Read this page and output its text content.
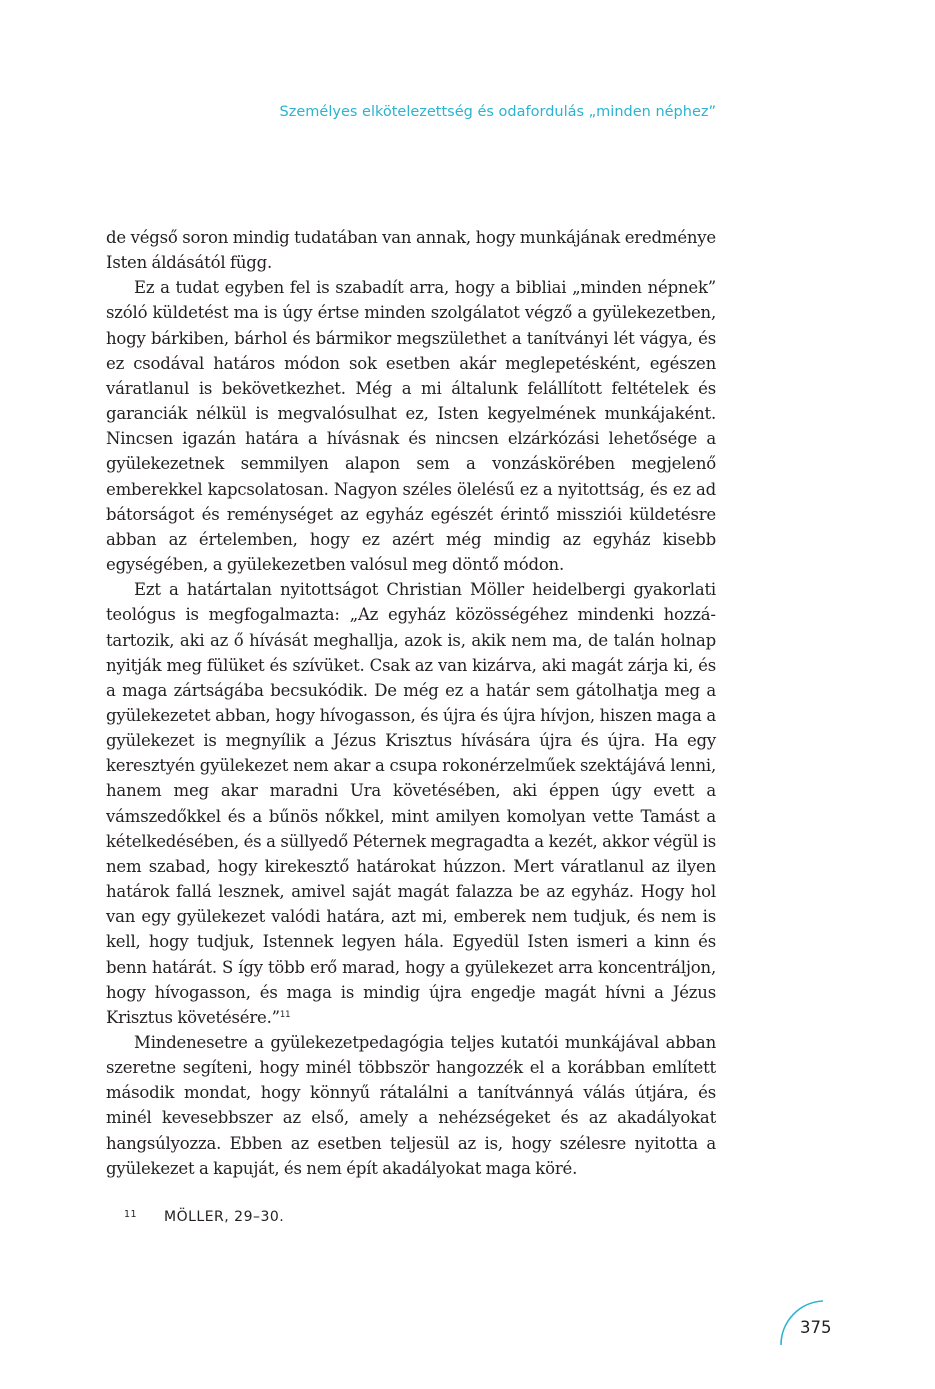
Személyes elkötelezettség és odafordulás „minden néphez”

de végső soron mindig tudatában van annak, hogy munkájának eredménye Isten áldásától függ.

Ez a tudat egyben fel is szabadít arra, hogy a bibliai „minden népnek” szóló küldetést ma is úgy értse minden szolgálatot végző a gyülekezetben, hogy bárkiben, bárhol és bármikor megszülethet a tanítványi lét vágya, és ez csodával határos módon sok esetben akár meglepetésként, egészen váratlanul is bekövetkezhet. Még a mi általunk felállított feltételek és garanciák nélkül is megvalósulhat ez, Isten kegyelmének munkájaként. Nincsen igazán határa a hívásnak és nincsen elzárkózási lehetősége a gyülekezetnek semmilyen alapon sem a vonzáskörében megjelenő emberekkel kapcsolatosan. Nagyon széles ölelésű ez a nyitottság, és ez ad bátorságot és reménységet az egyház egészét érintő missziói küldetésre abban az értelemben, hogy ez azért még mindig az egyház kisebb egységében, a gyülekezetben valósul meg döntő módon.

Ezt a határtalan nyitottságot Christian Möller heidelbergi gyakorlati teológus is megfogalmazta: „Az egyház közösségéhez mindenki hozzátartozik, aki az ő hívását meghallja, azok is, akik nem ma, de talán holnap nyitják meg fülüket és szívüket. Csak az van kizárva, aki magát zárja ki, és a maga zártságába becsukódik. De még ez a határ sem gátolhatja meg a gyülekezetet abban, hogy hívogasson, és újra és újra hívjon, hiszen maga a gyülekezet is megnyílik a Jézus Krisztus hívására újra és újra. Ha egy keresztyén gyülekezet nem akar a csupa rokonérzelműek szektájává lenni, hanem meg akar maradni Ura követésében, aki éppen úgy evett a vámszedőkkel és a bűnös nőkkel, mint amilyen komolyan vette Tamást a kételkedésében, és a süllyedő Péternek megragadta a kezét, akkor végül is nem szabad, hogy kirekesztő határokat húzzon. Mert váratlanul az ilyen határok fallá lesznek, amivel saját magát falazza be az egyház. Hogy hol van egy gyülekezet valódi határa, azt mi, emberek nem tudjuk, és nem is kell, hogy tudjuk, Istennek legyen hála. Egyedül Isten ismeri a kinn és benn határát. S így több erő marad, hogy a gyülekezet arra koncentráljon, hogy hívogasson, és maga is mindig újra engedje magát hívni a Jézus Krisztus követésére.”$^{11}$

Mindenesetre a gyülekezetpedagógia teljes kutatói munkájával abban szeretne segíteni, hogy minél többször hangozzék el a korábban említett második mondat, hogy könnyű rátalálni a tanítvánnyá válás útjára, és minél kevesebbszer az első, amely a nehézségeket és az akadályokat hangsúlyozza. Ebben az esetben teljesül az is, hogy szélesre nyitotta a gyülekezet a kapuját, és nem épít akadályokat maga köré.

11 MÖLLER, 29–30.
375
